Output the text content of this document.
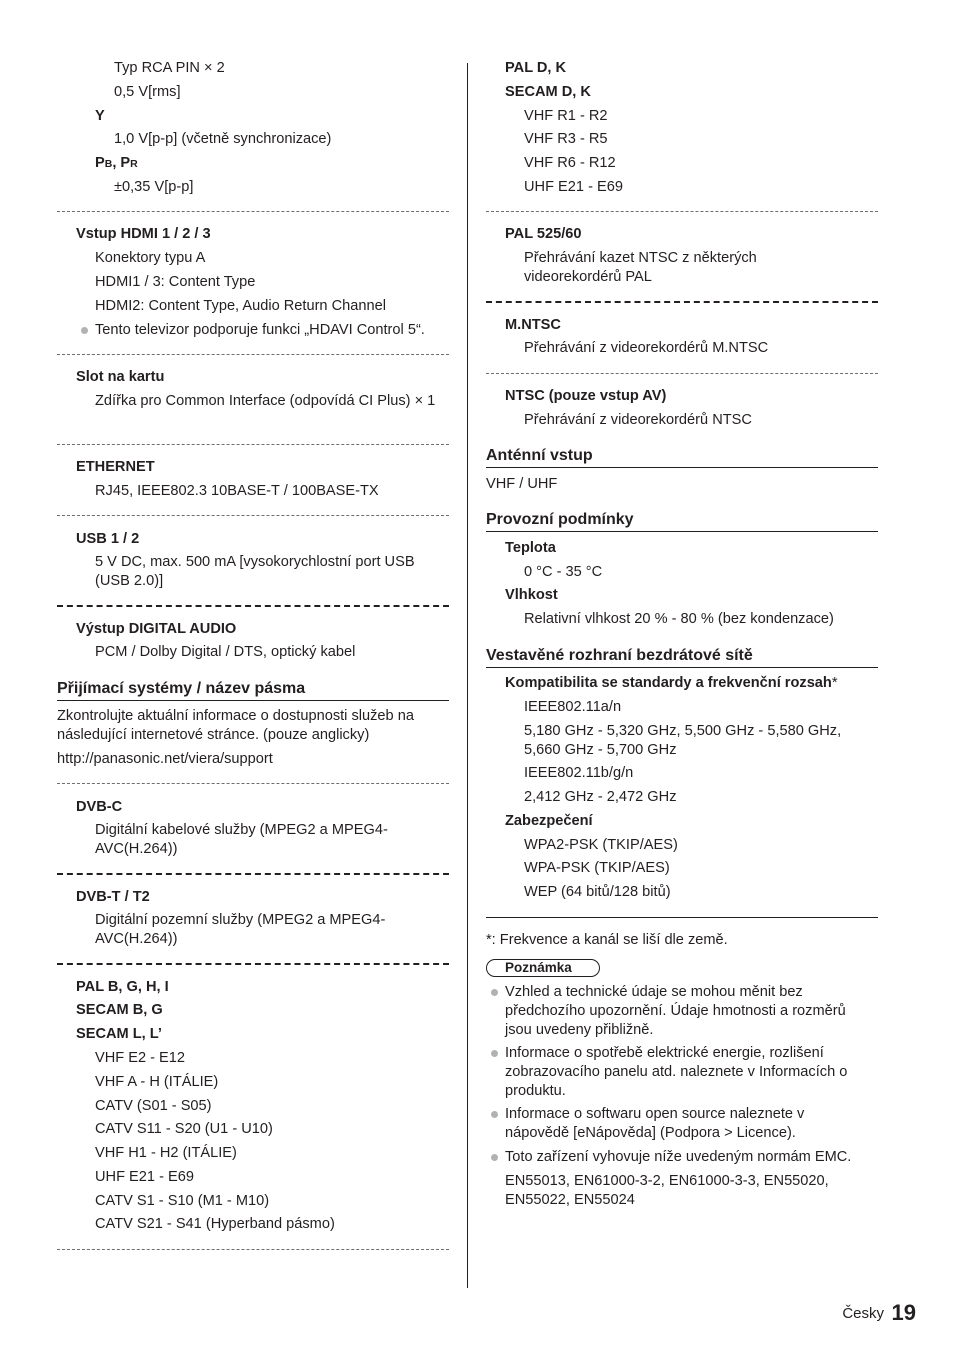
Typ RCA PIN × 2
0,5 V[rms]
Y
1,0 V[p-p] (včetně synchronizace)
PB, PR
±0,35 V[p-p]
Vstup HDMI 1 / 2 / 3
Konektory typu A
HDMI1 / 3: Content Type
HDMI2: Content Type, Audio Return Channel
Tento televizor podporuje funkci „HDAVI Control 5“.
Slot na kartu
Zdířka pro Common Interface (odpovídá CI Plus) × 1
ETHERNET
RJ45, IEEE802.3 10BASE-T / 100BASE-TX
USB 1 / 2
5 V DC, max. 500 mA [vysokorychlostní port USB (USB 2.0)]
Výstup DIGITAL AUDIO
PCM / Dolby Digital / DTS, optický kabel
Přijímací systémy / název pásma
Zkontrolujte aktuální informace o dostupnosti služeb na následující internetové stránce. (pouze anglicky)
http://panasonic.net/viera/support
DVB-C
Digitální kabelové služby (MPEG2 a MPEG4-AVC(H.264))
DVB-T / T2
Digitální pozemní služby (MPEG2 a MPEG4-AVC(H.264))
PAL B, G, H, I
SECAM B, G
SECAM L, L’
VHF E2 - E12
VHF A - H (ITÁLIE)
CATV (S01 - S05)
CATV S11 - S20 (U1 - U10)
VHF H1 - H2 (ITÁLIE)
UHF E21 - E69
CATV S1 - S10 (M1 - M10)
CATV S21 - S41 (Hyperband pásmo)
PAL D, K
SECAM D, K
VHF R1 - R2
VHF R3 - R5
VHF R6 - R12
UHF E21 - E69
PAL 525/60
Přehrávání kazet NTSC z některých videorekordérů PAL
M.NTSC
Přehrávání z videorekordérů M.NTSC
NTSC (pouze vstup AV)
Přehrávání z videorekordérů NTSC
Anténní vstup
VHF / UHF
Provozní podmínky
Teplota
0 °C - 35 °C
Vlhkost
Relativní vlhkost 20 % - 80 % (bez kondenzace)
Vestavěné rozhraní bezdrátové sítě
Kompatibilita se standardy a frekvenční rozsah*
IEEE802.11a/n
5,180 GHz - 5,320 GHz, 5,500 GHz - 5,580 GHz, 5,660 GHz - 5,700 GHz
IEEE802.11b/g/n
2,412 GHz - 2,472 GHz
Zabezpečení
WPA2-PSK (TKIP/AES)
WPA-PSK (TKIP/AES)
WEP (64 bitů/128 bitů)
*: Frekvence a kanál se liší dle země.
Poznámka
Vzhled a technické údaje se mohou měnit bez předchozího upozornění. Údaje hmotnosti a rozměrů jsou uvedeny přibližně.
Informace o spotřebě elektrické energie, rozlišení zobrazovacího panelu atd. naleznete v Informacích o produktu.
Informace o softwaru open source naleznete v nápovědě [eNápověda] (Podpora > Licence).
Toto zařízení vyhovuje níže uvedeným normám EMC.
EN55013, EN61000-3-2, EN61000-3-3, EN55020, EN55022, EN55024
Česky 19
